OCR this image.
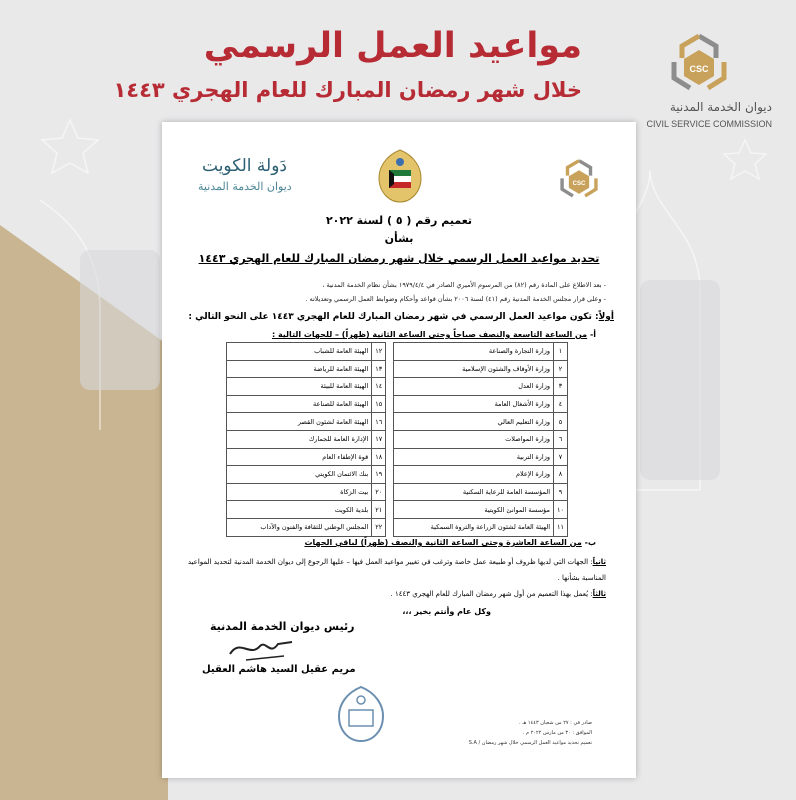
مواعيد العمل الرسمي
خلال شهر رمضان المبارك للعام الهجري ١٤٤٣
CSC
ديوان الخدمة المدنية
CIVIL SERVICE COMMISSION
دَولة الكويت
ديوان الخدمة المدنية	CSC
تعميم رقم ( ٥ ) لسنة ٢٠٢٢
بشأن
تحديد مواعيد العمل الرسمي خلال شهر رمضان المبارك للعام الهجري ١٤٤٣
- بعد الاطلاع على المادة رقم (٨٢) من المرسوم الأميري الصادر في ١٩٧٩/٤/٤ بشأن نظام الخدمة المدنية ،
- وعلى قرار مجلس الخدمة المدنية رقم (٤١) لسنة ٢٠٠٦ بشأن قواعد وأحكام وضوابط العمل الرسمي وتعديلاته .
أولاً: تكون مواعيد العمل الرسمي في شهر رمضان المبارك للعام الهجري ١٤٤٣ على النحو التالي :
أ- من الساعة التاسعة والنصف صباحاً وحتى الساعة الثانية (ظهراً) – للجهات التالية :
١	وزارة التجارة والصناعة		١٢	الهيئة العامة للشباب
٢	وزارة الأوقاف والشئون الإسلامية		١٣	الهيئة العامة للرياضة
٣	وزارة العدل		١٤	الهيئة العامة للبيئة
٤	وزارة الأشغال العامة		١٥	الهيئة العامة للصناعة
٥	وزارة التعليم العالي		١٦	الهيئة العامة لشئون القصر
٦	وزارة المواصلات		١٧	الإدارة العامة للجمارك
٧	وزارة التربية		١٨	قوة الإطفاء العام
٨	وزارة الإعلام		١٩	بنك الائتمان الكويتي
٩	المؤسسة العامة للرعاية السكنية		٢٠	بيت الزكاة
١٠	مؤسسة الموانئ الكويتية		٢١	بلدية الكويت
١١	الهيئة العامة لشئون الزراعة والثروة السمكية		٢٢	المجلس الوطني للثقافة والفنون والآداب
ب- من الساعة العاشرة وحتى الساعة الثانية والنصف (ظهراً) لباقي الجهات
ثانياً: الجهات التي لديها ظروف أو طبيعة عمل خاصة وترغب في تغيير مواعيد العمل فيها – عليها الرجوع إلى ديوان الخدمة المدنية لتحديد المواعيد المناسبة بشأنها .
ثالثاً: يُعمل بهذا التعميم من أول شهر رمضان المبارك للعام الهجري ١٤٤٣ .
وكل عام وأنتم بخير ،،،
رئيس ديوان الخدمة المدنية
مريم عقيل السيد هاشم العقيل
صادر في : ٢٧ من شعبان ١٤٤٣ هـ .
الموافق : ٣٠ من مارس ٢٠٢٢ م .
تعميم تحديد مواعيد العمل الرسمي خلال شهر رمضان / S.A
